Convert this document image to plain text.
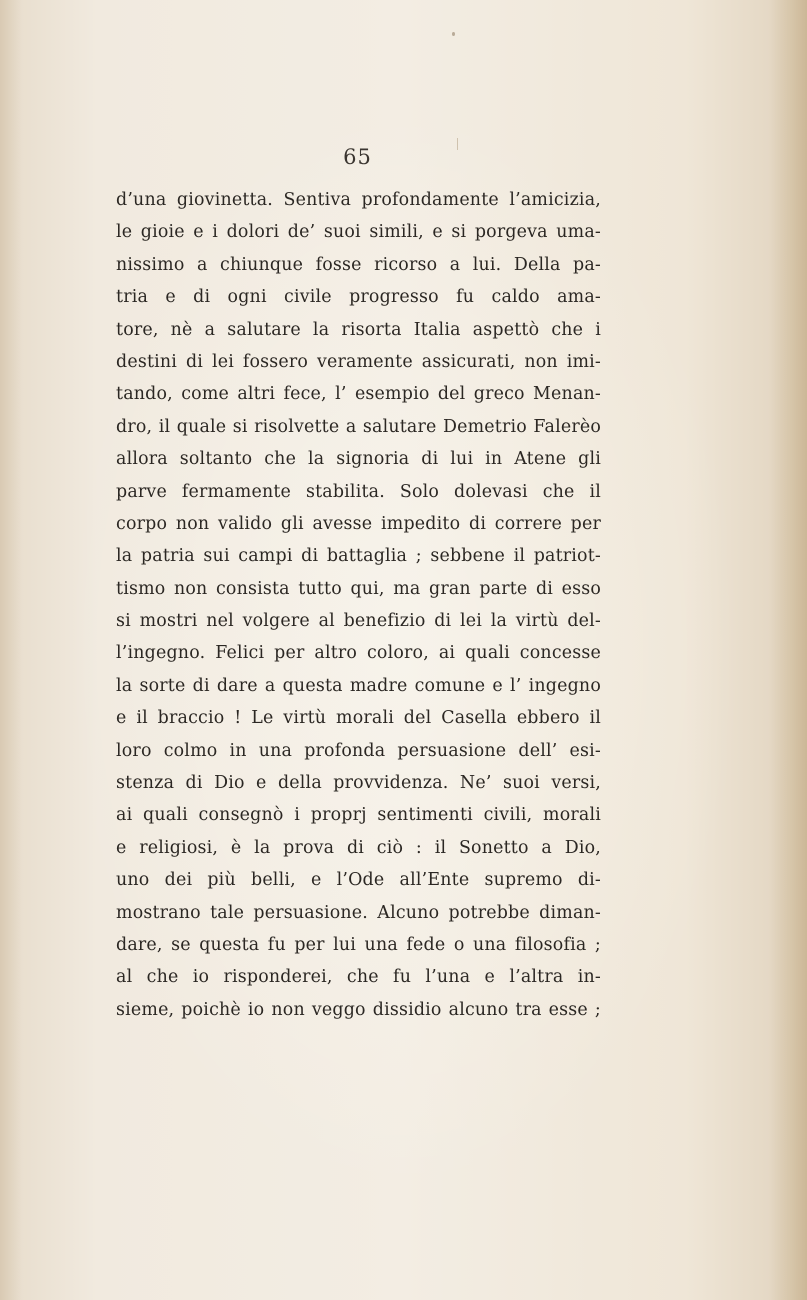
65
d’una giovinetta. Sentiva profondamente l’amicizia,
le gioie e i dolori de’ suoi simili, e si porgeva uma-
nissimo a chiunque fosse ricorso a lui. Della pa-
tria e di ogni civile progresso fu caldo ama-
tore, nè a salutare la risorta Italia aspettò che i
destini di lei fossero veramente assicurati, non imi-
tando, come altri fece, l’ esempio del greco Menan-
dro, il quale si risolvette a salutare Demetrio Falerèo
allora soltanto che la signoria di lui in Atene gli
parve fermamente stabilita. Solo dolevasi che il
corpo non valido gli avesse impedito di correre per
la patria sui campi di battaglia ; sebbene il patriot-
tismo non consista tutto qui, ma gran parte di esso
si mostri nel volgere al benefizio di lei la virtù del-
l’ingegno. Felici per altro coloro, ai quali concesse
la sorte di dare a questa madre comune e l’ ingegno
e il braccio ! Le virtù morali del Casella ebbero il
loro colmo in una profonda persuasione dell’ esi-
stenza di Dio e della provvidenza. Ne’ suoi versi,
ai quali consegnò i proprj sentimenti civili, morali
e religiosi, è la prova di ciò : il Sonetto a Dio,
uno dei più belli, e l’Ode all’Ente supremo di-
mostrano tale persuasione. Alcuno potrebbe diman-
dare, se questa fu per lui una fede o una filosofia ;
al che io risponderei, che fu l’una e l’altra in-
sieme, poichè io non veggo dissidio alcuno tra esse ;
